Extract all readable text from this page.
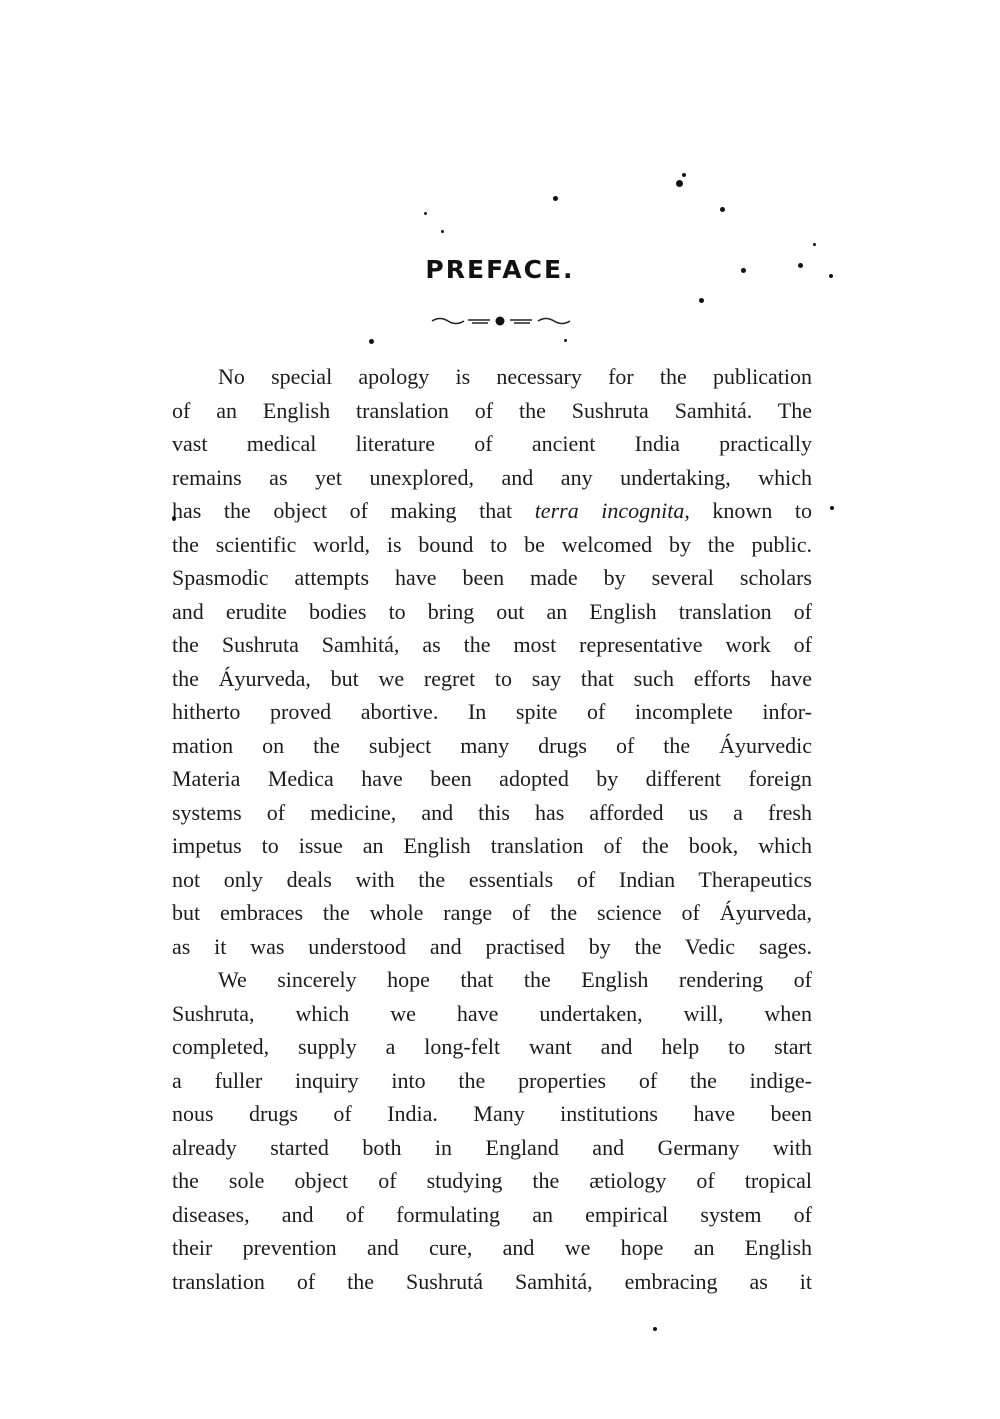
PREFACE.
No special apology is necessary for the publication
of an English translation of the Sushruta Samhitá. The
vast medical literature of ancient India practically
remains as yet unexplored, and any undertaking, which
has the object of making that terra incognita, known to
the scientific world, is bound to be welcomed by the public.
Spasmodic attempts have been made by several scholars
and erudite bodies to bring out an English translation of
the Sushruta Samhitá, as the most representative work of
the Áyurveda, but we regret to say that such efforts have
hitherto proved abortive. In spite of incomplete infor-
mation on the subject many drugs of the Áyurvedic
Materia Medica have been adopted by different foreign
systems of medicine, and this has afforded us a fresh
impetus to issue an English translation of the book, which
not only deals with the essentials of Indian Therapeutics
but embraces the whole range of the science of Áyurveda,
as it was understood and practised by the Vedic sages.
We sincerely hope that the English rendering of
Sushruta, which we have undertaken, will, when
completed, supply a long-felt want and help to start
a fuller inquiry into the properties of the indige-
nous drugs of India. Many institutions have been
already started both in England and Germany with
the sole object of studying the ætiology of tropical
diseases, and of formulating an empirical system of
their prevention and cure, and we hope an English
translation of the Sushrutá Samhitá, embracing as it
